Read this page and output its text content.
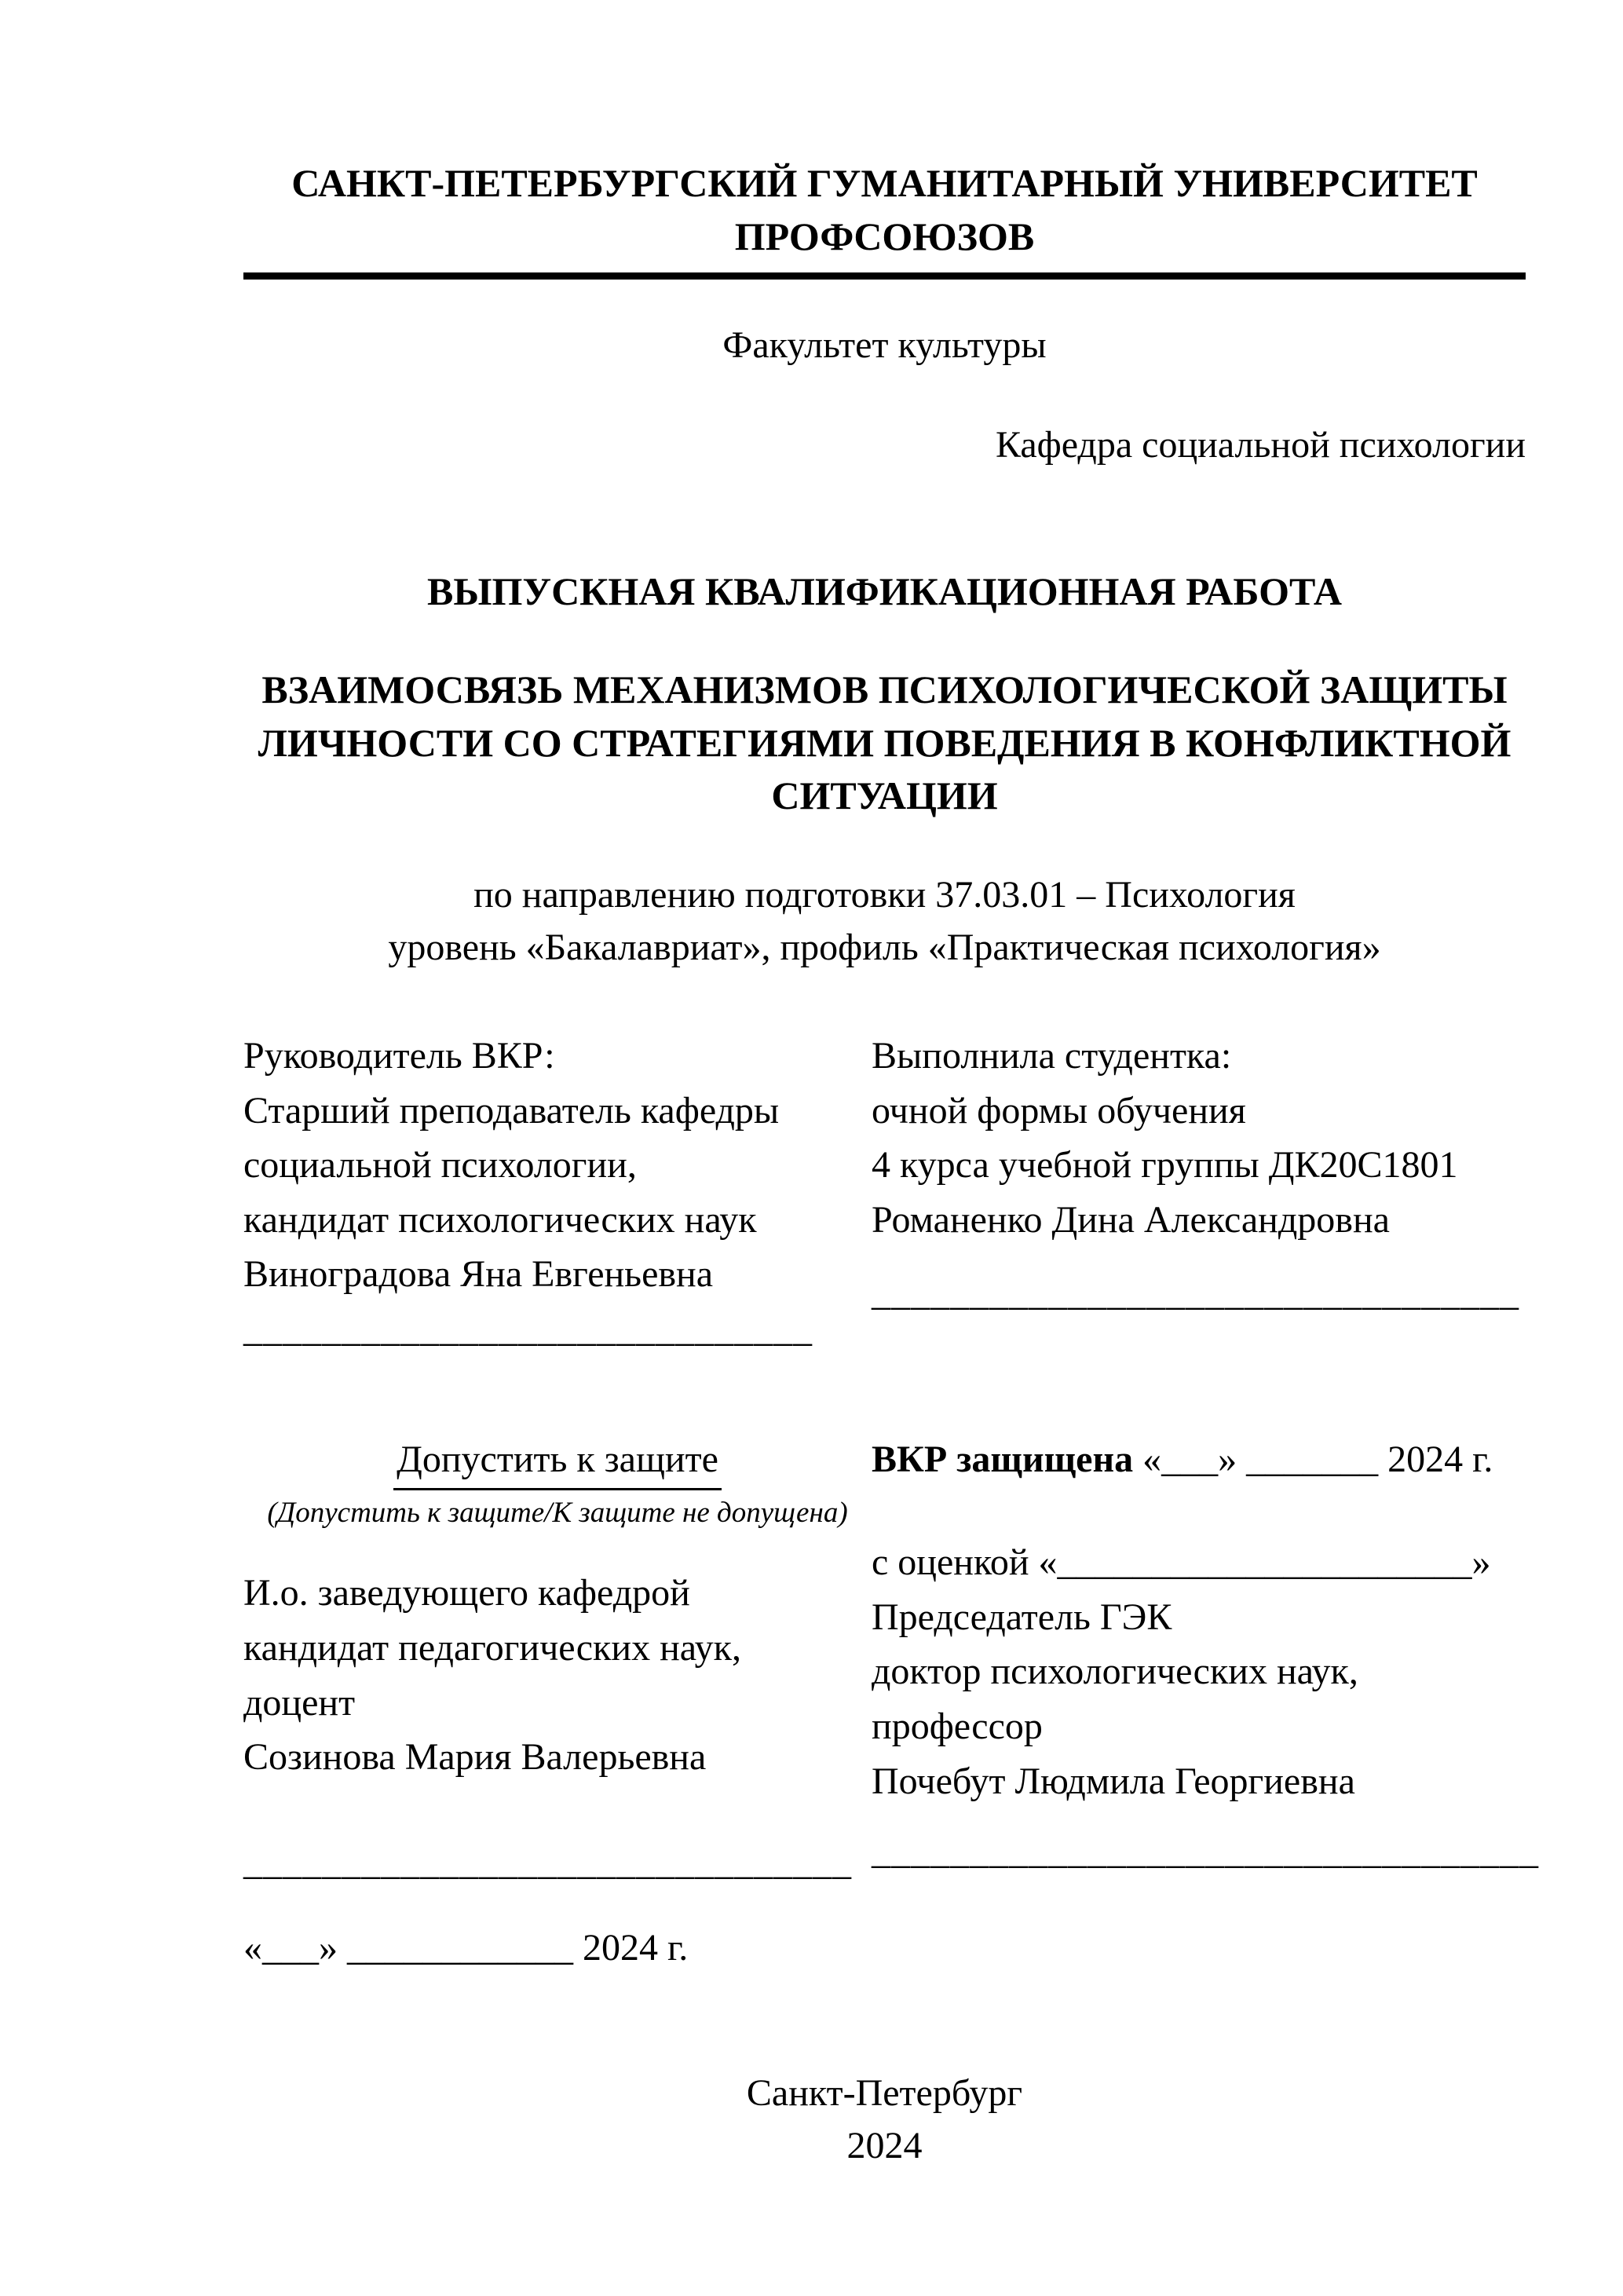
САНКТ-ПЕТЕРБУРГСКИЙ ГУМАНИТАРНЫЙ УНИВЕРСИТЕТ ПРОФСОЮЗОВ
Факультет культуры
Кафедра социальной психологии
ВЫПУСКНАЯ КВАЛИФИКАЦИОННАЯ РАБОТА
ВЗАИМОСВЯЗЬ МЕХАНИЗМОВ ПСИХОЛОГИЧЕСКОЙ ЗАЩИТЫ
ЛИЧНОСТИ СО СТРАТЕГИЯМИ ПОВЕДЕНИЯ В КОНФЛИКТНОЙ
СИТУАЦИИ
по направлению подготовки 37.03.01 – Психология
уровень «Бакалавриат», профиль «Практическая психология»
Руководитель ВКР:
Старший преподаватель кафедры
социальной психологии,
кандидат психологических наук
Виноградова Яна Евгеньевна
_____________________________
Выполнила студентка:
очной формы обучения
4 курса учебной группы ДК20С1801
Романенко Дина Александровна
_________________________________
Допустить к защите
(Допустить к защите/К защите не допущена)
И.о. заведующего кафедрой
кандидат педагогических наук,
доцент
Созинова Мария Валерьевна
_______________________________
«___» ____________ 2024 г.
ВКР защищена «___» _______ 2024 г.
с оценкой «______________________»
Председатель ГЭК
доктор психологических наук,
профессор
Почебут Людмила Георгиевна
__________________________________
Санкт-Петербург
2024
